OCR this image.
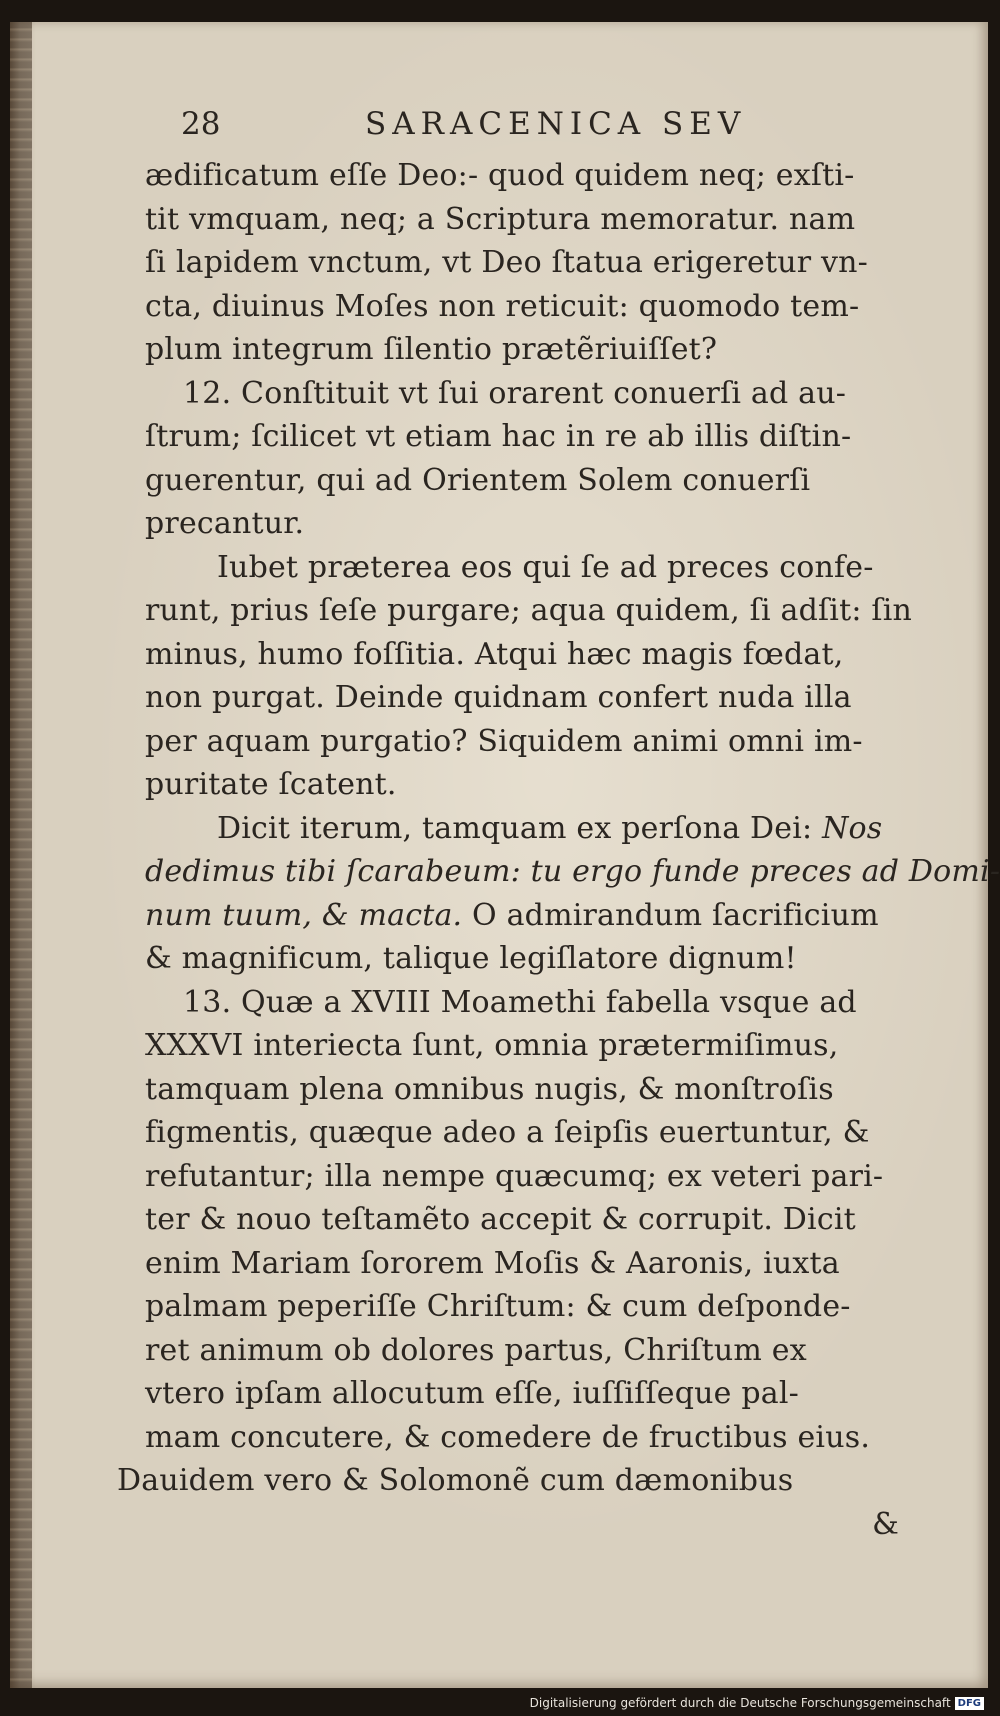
28	SARACENICA SEV
ædificatum eſſe Deo:- quod quidem neq; exſti-
tit vmquam, neq; a Scriptura memoratur. nam
ſi lapidem vnctum, vt Deo ſtatua erigeretur vn-
cta, diuinus Moſes non reticuit: quomodo tem-
plum integrum ſilentio prætẽriuiſſet?
12. Conſtituit vt ſui orarent conuerſi ad au-
ſtrum; ſcilicet vt etiam hac in re ab illis diſtin-
guerentur, qui ad Orientem Solem conuerſi
precantur.
Iubet præterea eos qui ſe ad preces confe-
runt, prius ſeſe purgare; aqua quidem, ſi adſit: ſin
minus, humo foſſitia. Atqui hæc magis fœdat,
non purgat. Deinde quidnam confert nuda illa
per aquam purgatio? Siquidem animi omni im-
puritate ſcatent.
Dicit iterum, tamquam ex perſona Dei: Nos
dedimus tibi ſcarabeum: tu ergo funde preces ad Domi-
num tuum, & macta. O admirandum ſacrificium
& magnificum, talique legiſlatore dignum!
13. Quæ a XVIII Moamethi fabella vsque ad
XXXVI interiecta ſunt, omnia prætermiſimus,
tamquam plena omnibus nugis, & monſtroſis
figmentis, quæque adeo a ſeipſis euertuntur, &
refutantur; illa nempe quæcumq; ex veteri pari-
ter & nouo teſtamẽto accepit & corrupit. Dicit
enim Mariam ſororem Moſis & Aaronis, iuxta
palmam peperiſſe Chriſtum: & cum deſponde-
ret animum ob dolores partus, Chriſtum ex
vtero ipſam allocutum eſſe, iuſſiſſeque pal-
mam concutere, & comedere de fructibus eius.
Dauidem vero & Solomonẽ cum dæmonibus
&
Digitalisierung gefördert durch die Deutsche Forschungsgemeinschaft DFG
